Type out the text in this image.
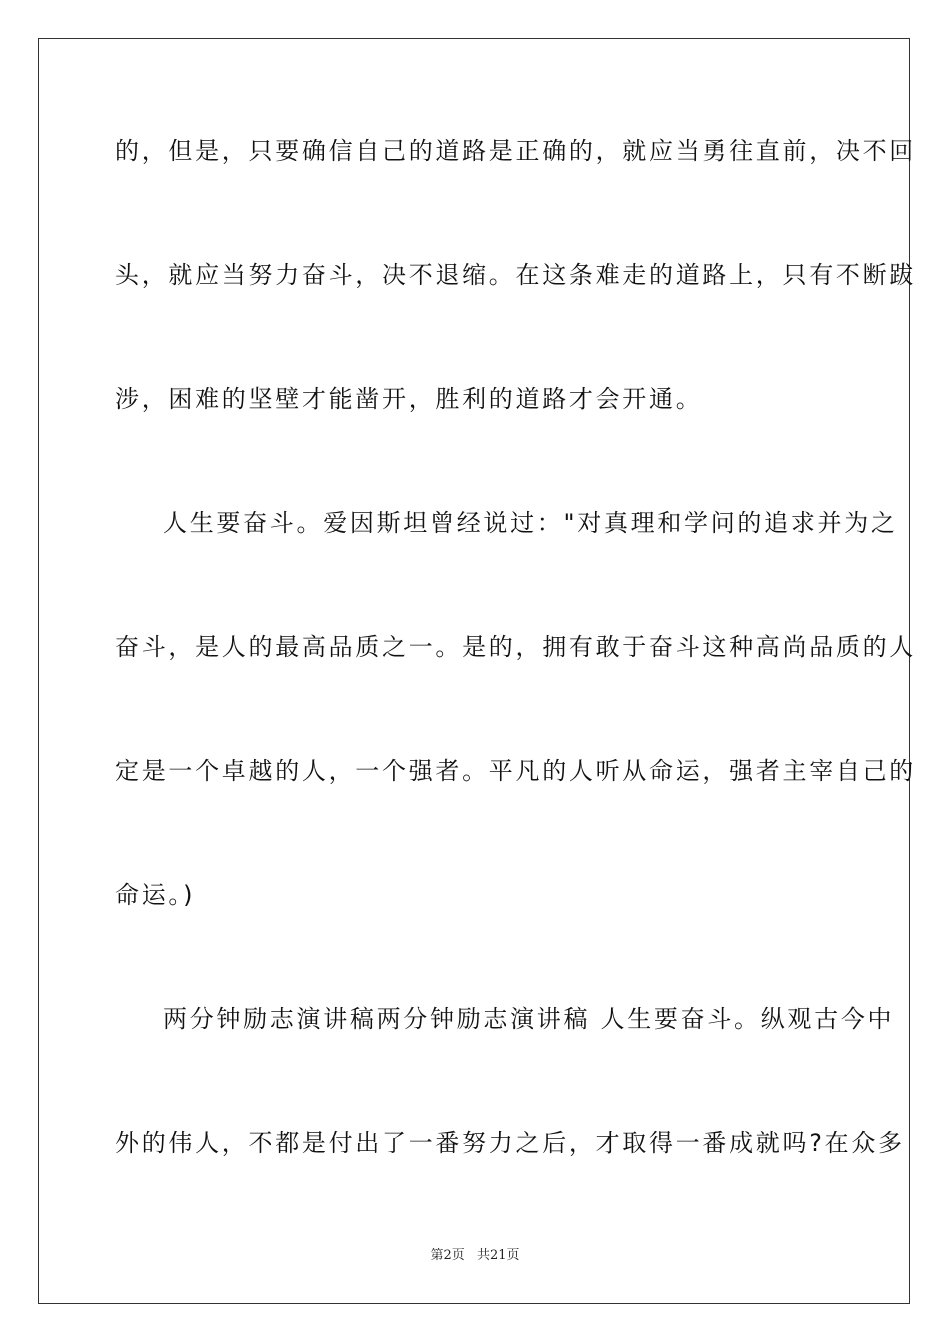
的，但是，只要确信自己的道路是正确的，就应当勇往直前，决不回
头，就应当努力奋斗，决不退缩。在这条难走的道路上，只有不断跋
涉，困难的坚壁才能凿开，胜利的道路才会开通。
人生要奋斗。爱因斯坦曾经说过："对真理和学问的追求并为之
奋斗，是人的最高品质之一。是的，拥有敢于奋斗这种高尚品质的人
定是一个卓越的人，一个强者。平凡的人听从命运，强者主宰自己的
命运。)
两分钟励志演讲稿两分钟励志演讲稿 人生要奋斗。纵观古今中
外的伟人，不都是付出了一番努力之后，才取得一番成就吗?在众多
第2页 共21页
